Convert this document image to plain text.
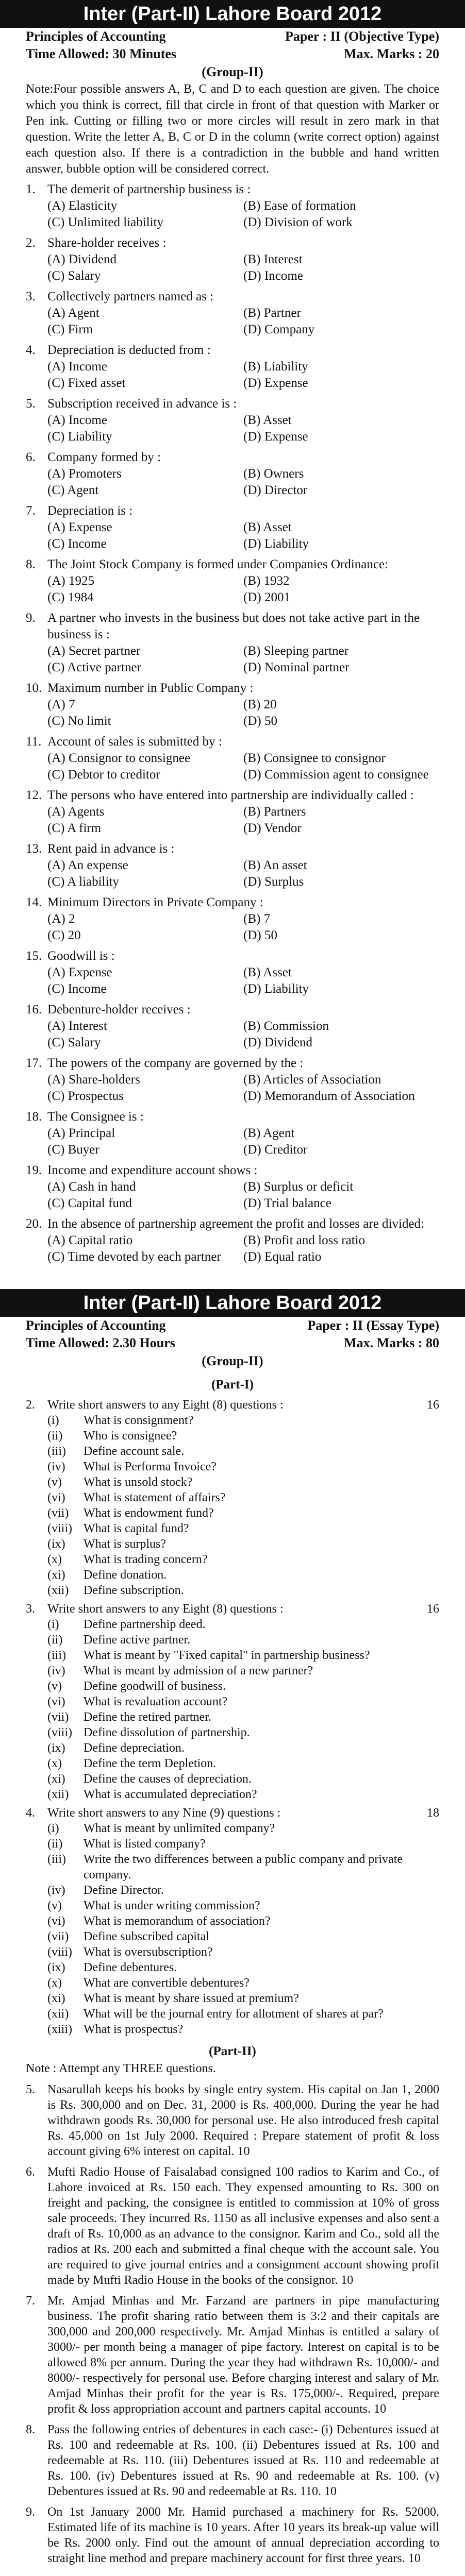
Inter (Part-II) Lahore Board 2012
Principles of Accounting	Paper : II (Objective Type)
Time Allowed: 30 Minutes	Max. Marks : 20
(Group-II)
Note:Four possible answers A, B, C and D to each question are given. The choice which you think is correct, fill that circle in front of that question with Marker or Pen ink. Cutting or filling two or more circles will result in zero mark in that question. Write the letter A, B, C or D in the column (write correct option) against each question also. If there is a contradiction in the bubble and hand written answer, bubble option will be considered correct.
1. The demerit of partnership business is :
(A) Elasticity	(B) Ease of formation
(C) Unlimited liability	(D) Division of work
2. Share-holder receives :
(A) Dividend	(B) Interest
(C) Salary	(D) Income
3. Collectively partners named as :
(A) Agent	(B) Partner
(C) Firm	(D) Company
4. Depreciation is deducted from :
(A) Income	(B) Liability
(C) Fixed asset	(D) Expense
5. Subscription received in advance is :
(A) Income	(B) Asset
(C) Liability	(D) Expense
6. Company formed by :
(A) Promoters	(B) Owners
(C) Agent	(D) Director
7. Depreciation is :
(A) Expense	(B) Asset
(C) Income	(D) Liability
8. The Joint Stock Company is formed under Companies Ordinance:
(A) 1925	(B) 1932
(C) 1984	(D) 2001
9. A partner who invests in the business but does not take active part in the business is :
(A) Secret partner	(B) Sleeping partner
(C) Active partner	(D) Nominal partner
10. Maximum number in Public Company :
(A) 7	(B) 20
(C) No limit	(D) 50
11. Account of sales is submitted by :
(A) Consignor to consignee	(B) Consignee to consignor
(C) Debtor to creditor	(D) Commission agent to consignee
12. The persons who have entered into partnership are individually called :
(A) Agents	(B) Partners
(C) A firm	(D) Vendor
13. Rent paid in advance is :
(A) An expense	(B) An asset
(C) A liability	(D) Surplus
14. Minimum Directors in Private Company :
(A) 2	(B) 7
(C) 20	(D) 50
15. Goodwill is :
(A) Expense	(B) Asset
(C) Income	(D) Liability
16. Debenture-holder receives :
(A) Interest	(B) Commission
(C) Salary	(D) Dividend
17. The powers of the company are governed by the :
(A) Share-holders	(B) Articles of Association
(C) Prospectus	(D) Memorandum of Association
18. The Consignee is :
(A) Principal	(B) Agent
(C) Buyer	(D) Creditor
19. Income and expenditure account shows :
(A) Cash in hand	(B) Surplus or deficit
(C) Capital fund	(D) Trial balance
20. In the absence of partnership agreement the profit and losses are divided:
(A) Capital ratio	(B) Profit and loss ratio
(C) Time devoted by each partner	(D) Equal ratio
Inter (Part-II) Lahore Board 2012
Principles of Accounting	Paper : II (Essay Type)
Time Allowed: 2.30 Hours	Max. Marks : 80
(Group-II)
(Part-I)
2.	Write short answers to any Eight (8) questions :	16
(i)	What is consignment?
(ii)	Who is consignee?
(iii)	Define account sale.
(iv)	What is Performa Invoice?
(v)	What is unsold stock?
(vi)	What is statement of affairs?
(vii)	What is endowment fund?
(viii) What is capital fund?
(ix)	What is surplus?
(x)	What is trading concern?
(xi)	Define donation.
(xii)	Define subscription.
3.	Write short answers to any Eight (8) questions :	16
(i)	Define partnership deed.
(ii)	Define active partner.
(iii)	What is meant by "Fixed capital" in partnership business?
(iv)	What is meant by admission of a new partner?
(v)	Define goodwill of business.
(vi)	What is revaluation account?
(vii)	Define the retired partner.
(viii) Define dissolution of partnership.
(ix)	Define depreciation.
(x)	Define the term Depletion.
(xi)	Define the causes of depreciation.
(xii)	What is accumulated depreciation?
4.	Write short answers to any Nine (9) questions :	18
(i)	What is meant by unlimited company?
(ii)	What is listed company?
(iii)	Write the two differences between a public company and private company.
(iv)	Define Director.
(v)	What is under writing commission?
(vi)	What is memorandum of association?
(vii)	Define subscribed capital
(viii) What is oversubscription?
(ix)	Define debentures.
(x)	What are convertible debentures?
(xi)	What is meant by share issued at premium?
(xii)	What will be the journal entry for allotment of shares at par?
(xiii) What is prospectus?
(Part-II)
Note : Attempt any THREE questions.
5.	Nasarullah keeps his books by single entry system. His capital on Jan 1, 2000 is Rs. 300,000 and on Dec. 31, 2000 is Rs. 400,000. During the year he had withdrawn goods Rs. 30,000 for personal use. He also introduced fresh capital Rs. 45,000 on 1st July 2000. Required : Prepare statement of profit & loss account giving 6% interest on capital. 10
6.	Mufti Radio House of Faisalabad consigned 100 radios to Karim and Co., of Lahore invoiced at Rs. 150 each. They expensed amounting to Rs. 300 on freight and packing, the consignee is entitled to commission at 10% of gross sale proceeds. They incurred Rs. 1150 as all inclusive expenses and also sent a draft of Rs. 10,000 as an advance to the consignor. Karim and Co., sold all the radios at Rs. 200 each and submitted a final cheque with the account sale. You are required to give journal entries and a consignment account showing profit made by Mufti Radio House in the books of the consignor. 10
7.	Mr. Amjad Minhas and Mr. Farzand are partners in pipe manufacturing business. The profit sharing ratio between them is 3:2 and their capitals are 300,000 and 200,000 respectively. Mr. Amjad Minhas is entitled a salary of 3000/- per month being a manager of pipe factory. Interest on capital is to be allowed 8% per annum. During the year they had withdrawn Rs. 10,000/- and 8000/- respectively for personal use. Before charging interest and salary of Mr. Amjad Minhas their profit for the year is Rs. 175,000/-. Required, prepare profit & loss appropriation account and partners capital accounts. 10
8.	Pass the following entries of debentures in each case:- (i) Debentures issued at Rs. 100 and redeemable at Rs. 100. (ii) Debentures issued at Rs. 100 and redeemable at Rs. 110. (iii) Debentures issued at Rs. 110 and redeemable at Rs. 100. (iv) Debentures issued at Rs. 90 and redeemable at Rs. 100. (v) Debentures issued at Rs. 90 and redeemable at Rs. 110. 10
9.	On 1st January 2000 Mr. Hamid purchased a machinery for Rs. 52000. Estimated life of its machine is 10 years. After 10 years its break-up value will be Rs. 2000 only. Find out the amount of annual depreciation according to straight line method and prepare machinery account for first three years. 10
